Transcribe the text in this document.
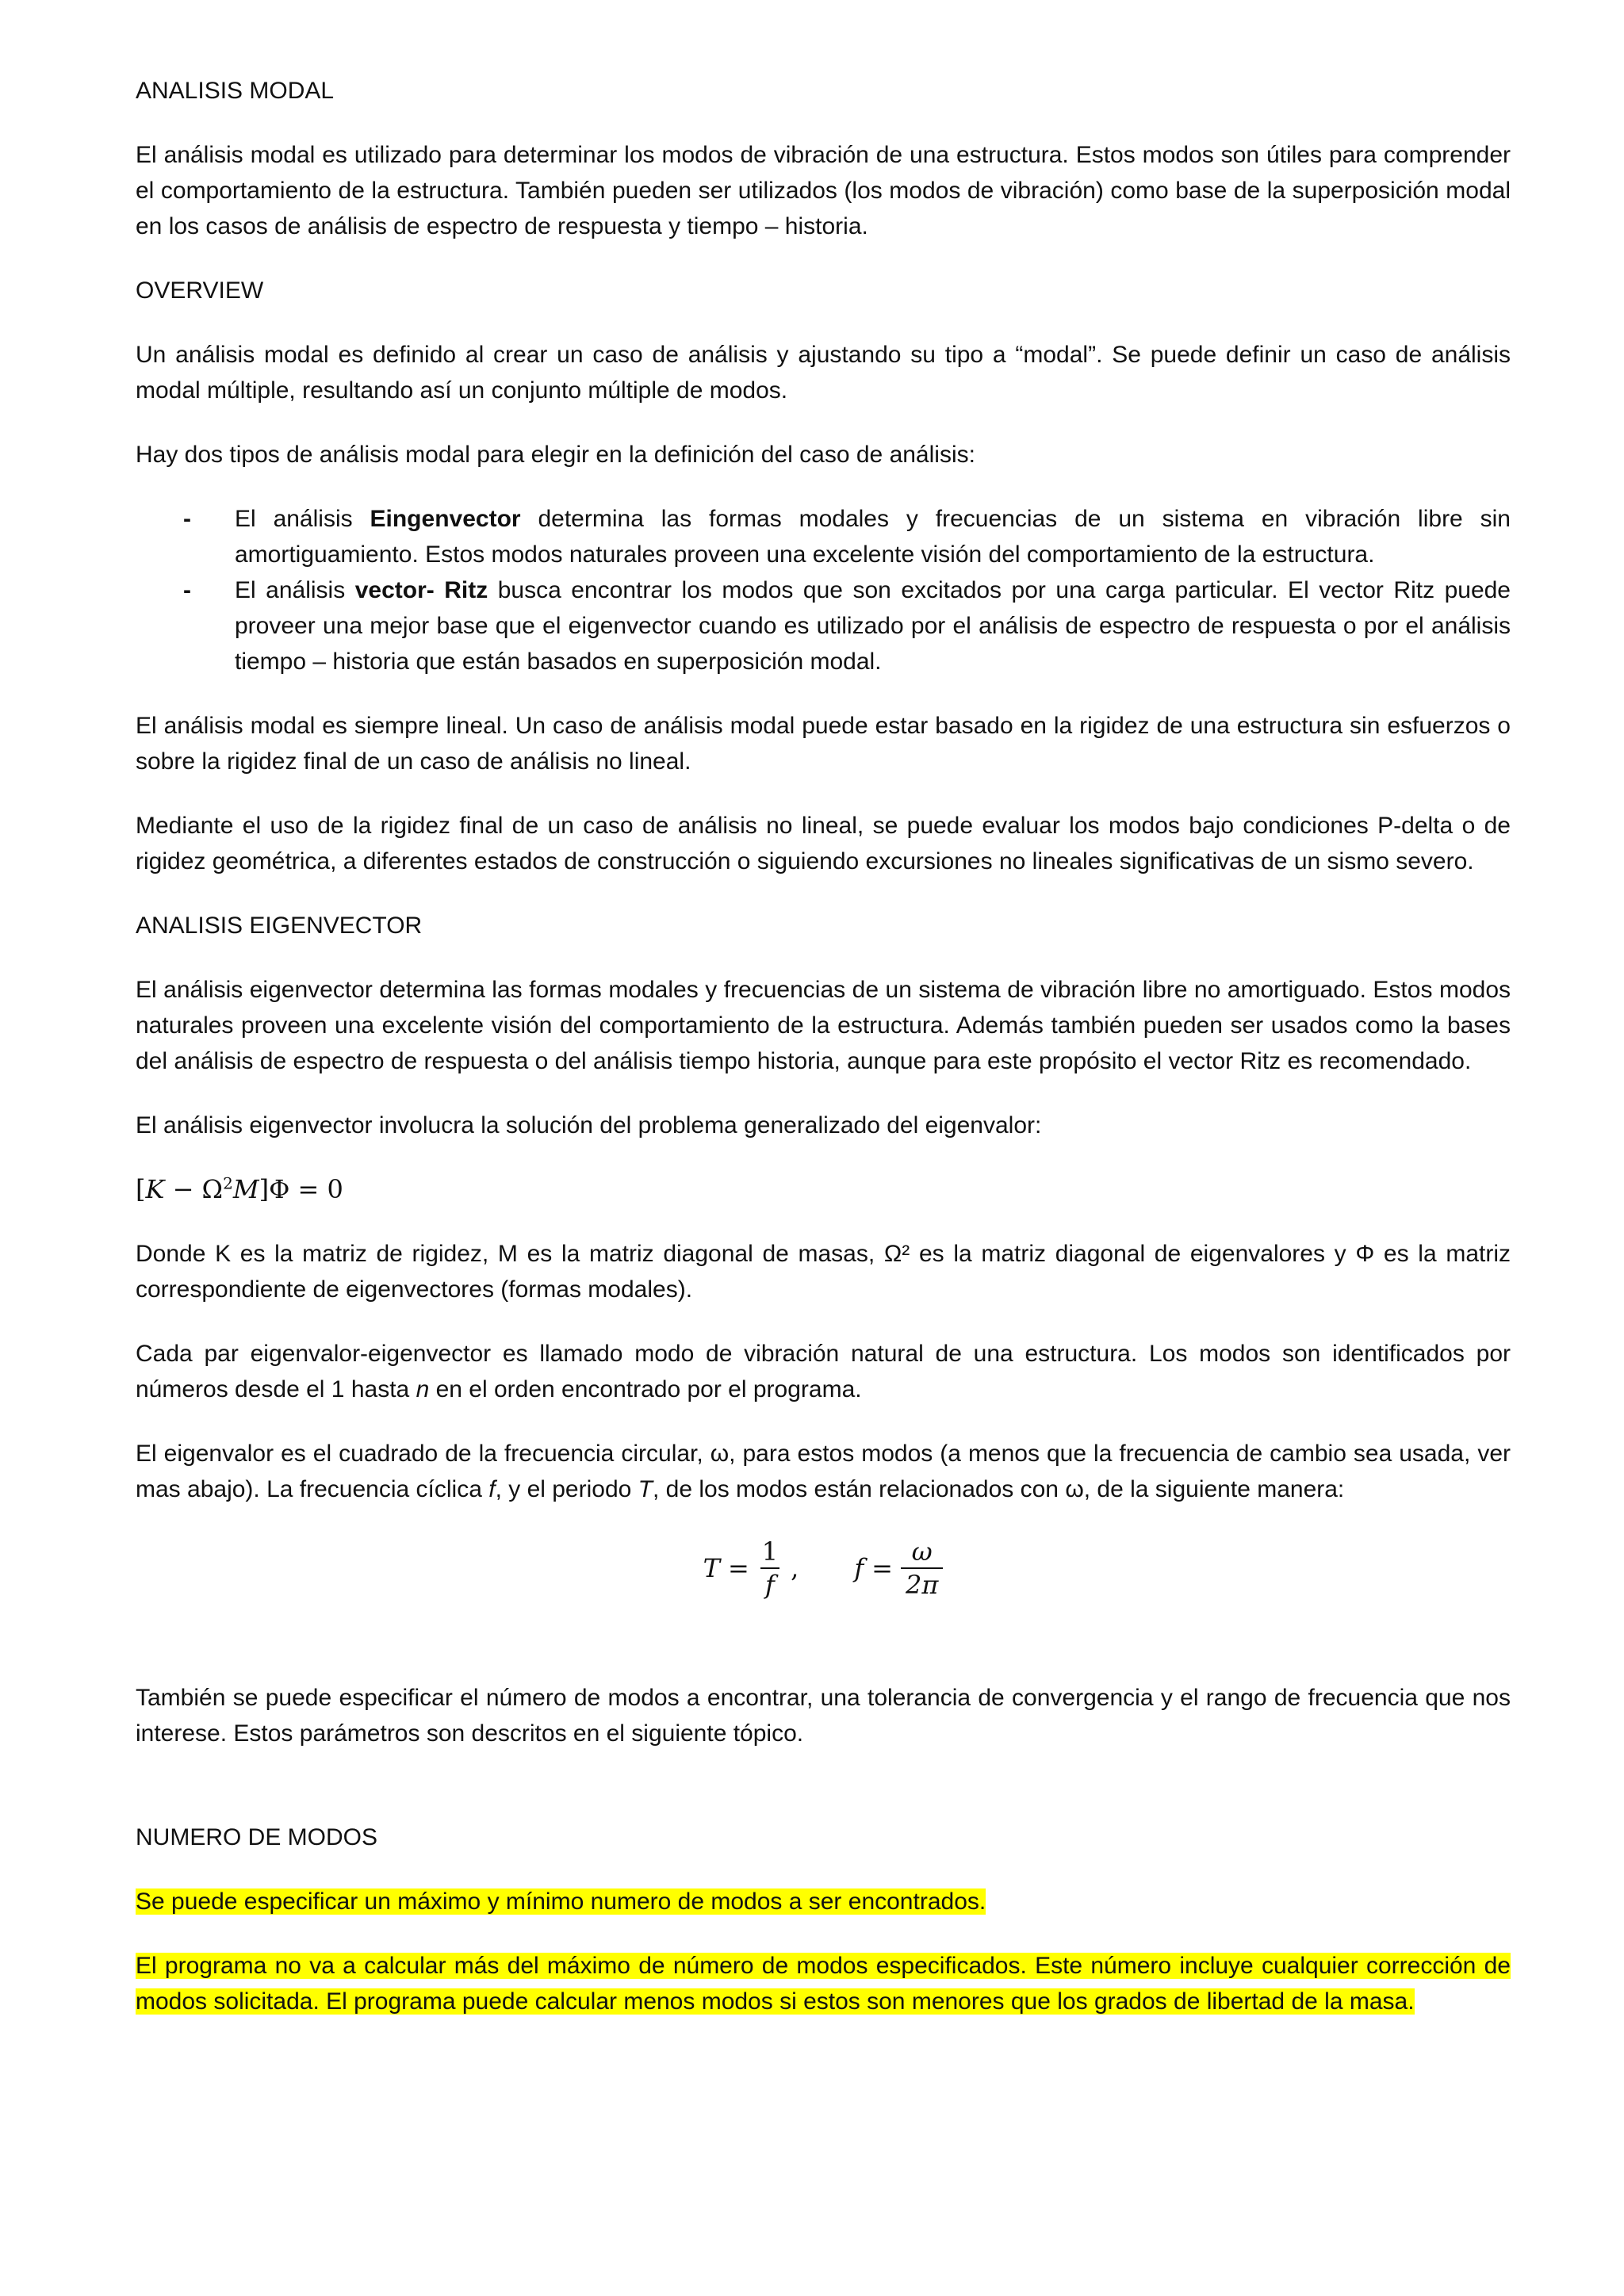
ANALISIS MODAL

El análisis modal es utilizado para determinar los modos de vibración de una estructura. Estos modos son útiles para comprender el comportamiento de la estructura. También pueden ser utilizados (los modos de vibración) como base de la superposición modal en los casos de análisis de espectro de respuesta y tiempo – historia.

OVERVIEW

Un análisis modal es definido al crear un caso de análisis y ajustando su tipo a “modal”. Se puede definir un caso de análisis modal múltiple, resultando así un conjunto múltiple de modos.

Hay dos tipos de análisis modal para elegir en la definición del caso de análisis:

- El análisis Eingenvector determina las formas modales y frecuencias de un sistema en vibración libre sin amortiguamiento. Estos modos naturales proveen una excelente visión del comportamiento de la estructura.
- El análisis vector- Ritz busca encontrar los modos que son excitados por una carga particular. El vector Ritz puede proveer una mejor base que el eigenvector cuando es utilizado por el análisis de espectro de respuesta o por el análisis tiempo – historia que están basados en superposición modal.

El análisis modal es siempre lineal. Un caso de análisis modal puede estar basado en la rigidez de una estructura sin esfuerzos o sobre la rigidez final de un caso de análisis no lineal.

Mediante el uso de la rigidez final de un caso de análisis no lineal, se puede evaluar los modos bajo condiciones P-delta o de rigidez geométrica, a diferentes estados de construcción o siguiendo excursiones no lineales significativas de un sismo severo.

ANALISIS EIGENVECTOR

El análisis eigenvector determina las formas modales y frecuencias de un sistema de vibración libre no amortiguado. Estos modos naturales proveen una excelente visión del comportamiento de la estructura. Además también pueden ser usados como la bases del análisis de espectro de respuesta o del análisis tiempo historia, aunque para este propósito el vector Ritz es recomendado.

El análisis eigenvector involucra la solución del problema generalizado del eigenvalor:

$[K - \Omega^2M]\Phi = 0$

Donde K es la matriz de rigidez, M es la matriz diagonal de masas, Ω² es la matriz diagonal de eigenvalores y Φ es la matriz correspondiente de eigenvectores (formas modales).

Cada par eigenvalor-eigenvector es llamado modo de vibración natural de una estructura. Los modos son identificados por números desde el 1 hasta n en el orden encontrado por el programa.

El eigenvalor es el cuadrado de la frecuencia circular, ω, para estos modos (a menos que la frecuencia de cambio sea usada, ver mas abajo). La frecuencia cíclica f, y el periodo T, de los modos están relacionados con ω, de la siguiente manera:

$T = \frac{1}{f}$ , $f = \frac{\omega}{2\pi}$

También se puede especificar el número de modos a encontrar, una tolerancia de convergencia y el rango de frecuencia que nos interese. Estos parámetros son descritos en el siguiente tópico.

NUMERO DE MODOS

Se puede especificar un máximo y mínimo numero de modos a ser encontrados.

El programa no va a calcular más del máximo de número de modos especificados. Este número incluye cualquier corrección de modos solicitada. El programa puede calcular menos modos si estos son menores que los grados de libertad de la masa.
